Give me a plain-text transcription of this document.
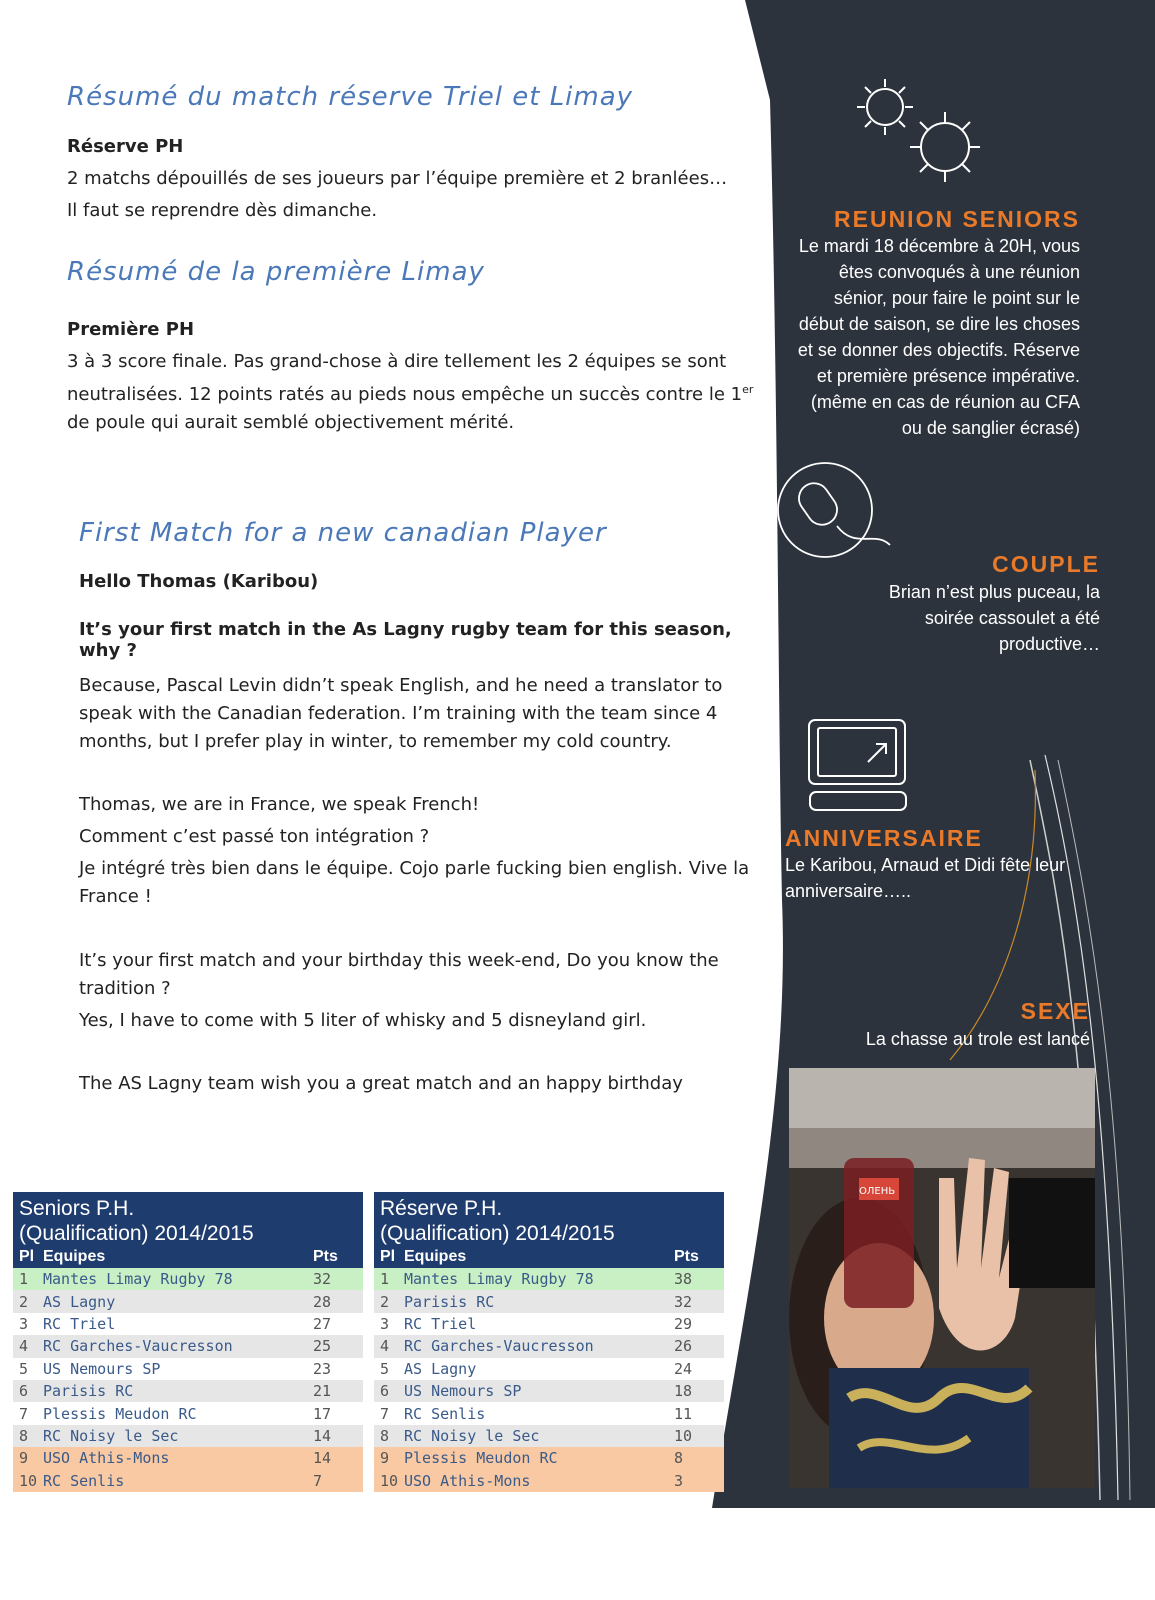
Résumé du match réserve Triel et Limay

Réserve PH

2 matchs dépouillés de ses joueurs par l’équipe première et 2 branlées…

Il faut se reprendre dès dimanche.

Résumé de la première Limay

Première PH

3 à 3 score finale. Pas grand-chose à dire tellement les 2 équipes se sont neutralisées. 12 points ratés au pieds nous empêche un succès contre le 1er de poule qui aurait semblé objectivement mérité.

First Match for a new canadian Player

Hello Thomas (Karibou)

It’s your first match in the As Lagny rugby team for this season, why ?

Because, Pascal Levin didn’t speak English, and he need a translator to speak with the Canadian federation. I’m training with the team since 4 months, but I prefer play in winter, to remember my cold country.

Thomas, we are in France, we speak French!

Comment c’est passé ton intégration ?

Je intégré très bien dans le équipe. Cojo parle fucking bien english. Vive la France !

It’s your first match and your birthday this week-end, Do you know the tradition ?

Yes, I have to come with 5 liter of whisky and 5 disneyland girl.

The AS Lagny team wish you a great match and an happy birthday

REUNION SENIORS

Le mardi 18 décembre à 20H, vous êtes convoqués à une réunion sénior, pour faire le point sur le début de saison, se dire les choses et se donner des objectifs. Réserve et première présence impérative. (même en cas de réunion au CFA ou de sanglier écrasé)

COUPLE

Brian n’est plus puceau, la soirée cassoulet a été productive…

ANNIVERSAIRE

Le Karibou, Arnaud et Didi fête leur anniversaire…..

SEXE

La chasse au trole est lancé

ОЛЕНЬ
Seniors P.H.		
(Qualification) 2014/2015		
Pl	Equipes	Pts
1	Mantes Limay Rugby 78	32
2	AS Lagny	28
3	RC Triel	27
4	RC Garches-Vaucresson	25
5	US Nemours SP	23
6	Parisis RC	21
7	Plessis Meudon RC	17
8	RC Noisy le Sec	14
9	USO Athis-Mons	14
10	RC Senlis	7
Réserve P.H.		
(Qualification) 2014/2015		
Pl	Equipes	Pts
1	Mantes Limay Rugby 78	38
2	Parisis RC	32
3	RC Triel	29
4	RC Garches-Vaucresson	26
5	AS Lagny	24
6	US Nemours SP	18
7	RC Senlis	11
8	RC Noisy le Sec	10
9	Plessis Meudon RC	8
10	USO Athis-Mons	3
